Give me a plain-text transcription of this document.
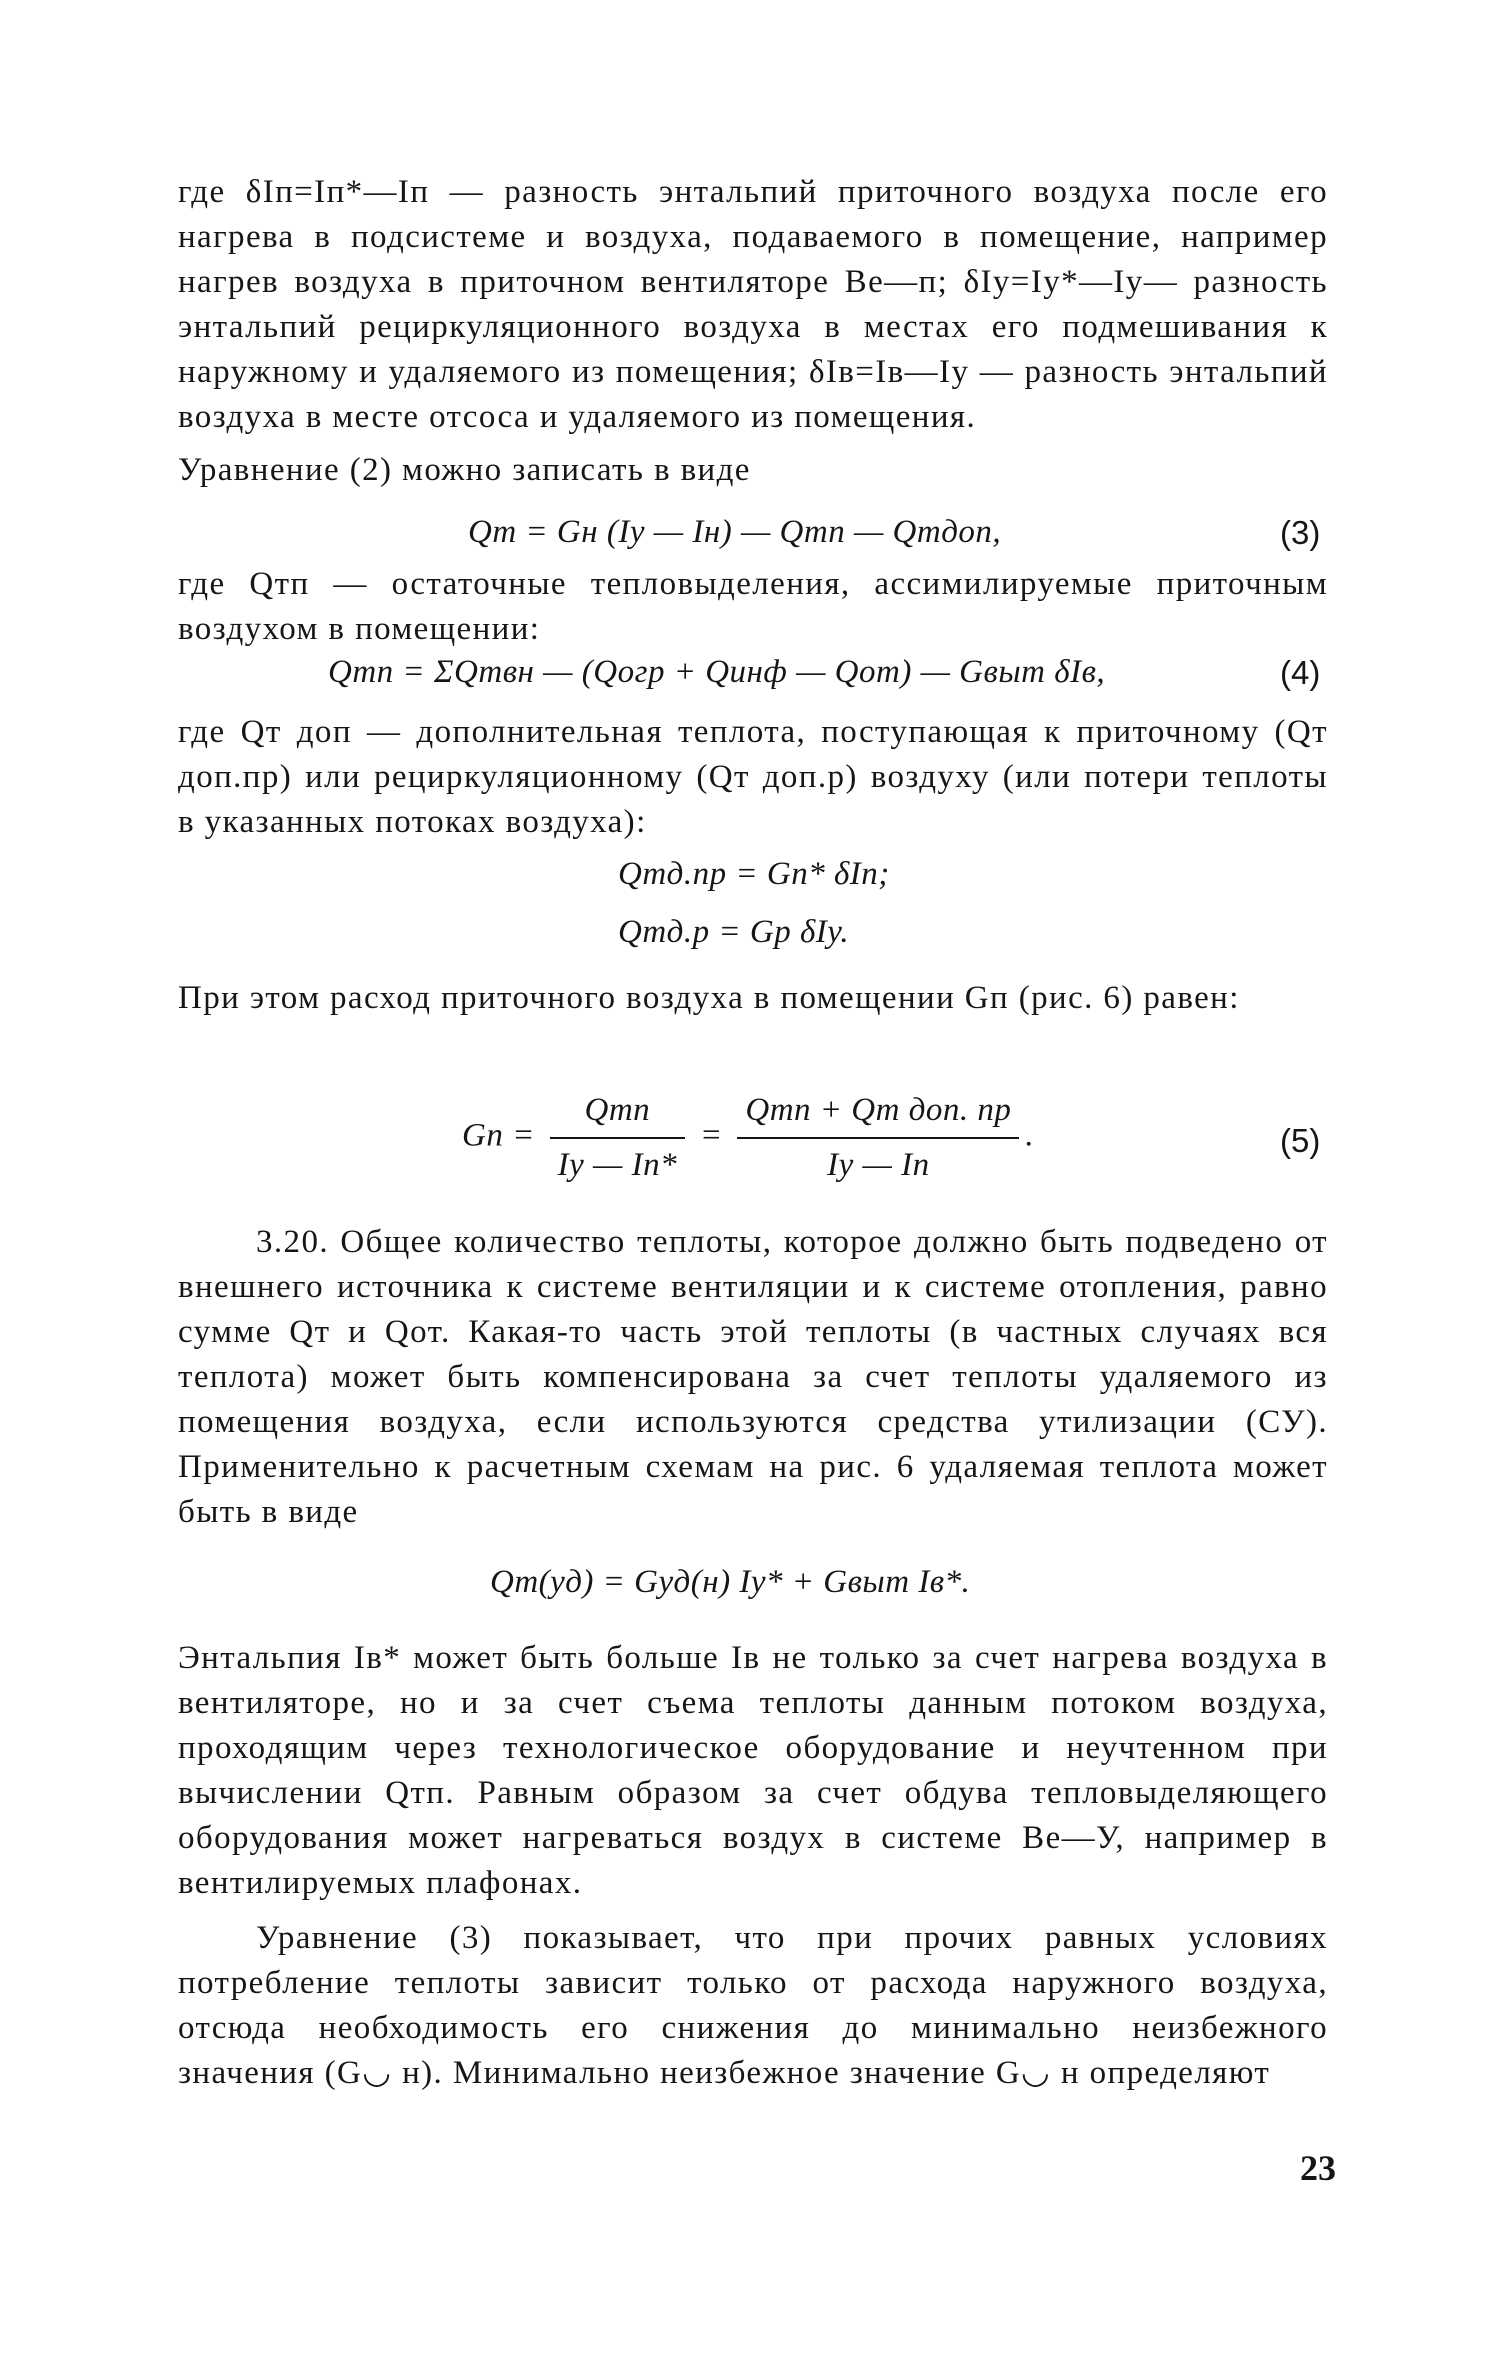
где δIп=Iп*—Iп — разность энтальпий приточного воздуха после его нагрева в подсистеме и воздуха, подаваемого в помещение, например нагрев воздуха в приточном вентиляторе Ве—п; δIу=Iу*—Iу— разность энтальпий рециркуляционного воздуха в местах его подмешивания к наружному и удаляемого из помещения; δIв=Iв—Iу — разность энтальпий воздуха в месте отсоса и удаляемого из помещения.

Уравнение (2) можно записать в виде

Qт = Gн (Iу — Iн) — Qтп — Qтдоп,	(3)

где Qтп — остаточные тепловыделения, ассимилируемые приточным воздухом в помещении:

Qтп = ΣQтвн — (Qогр + Qинф — Qот) — Gвыт δIв,	(4)

где Qт доп — дополнительная теплота, поступающая к приточному (Qт доп.пр) или рециркуляционному (Qт доп.р) воздуху (или потери теплоты в указанных потоках воздуха):

Qтд.пр = Gп* δIп;
Qтд.р = Gр δIу.

При этом расход приточного воздуха в помещении Gп (рис. 6) равен:

Gп = $\frac{\text{Qтп}}{Iу — Iп*} = \frac{\text{Qтп + Qт доп. пр}}{Iу — Iп}$ .	(5)

3.20. Общее количество теплоты, которое должно быть подведено от внешнего источника к системе вентиляции и к системе отопления, равно сумме Qт и Qот. Какая-то часть этой теплоты (в частных случаях вся теплота) может быть компенсирована за счет теплоты удаляемого из помещения воздуха, если используются средства утилизации (СУ). Применительно к расчетным схемам на рис. 6 удаляемая теплота может быть в виде

Qт(уд) = Gуд(н) Iу* + Gвыт Iв*.

Энтальпия Iв* может быть больше Iв не только за счет нагрева воздуха в вентиляторе, но и за счет съема теплоты данным потоком воздуха, проходящим через технологическое оборудование и неучтенном при вычислении Qтп. Равным образом за счет обдува тепловыделяющего оборудования может нагреваться воздух в системе Ве—У, например в вентилируемых плафонах.

Уравнение (3) показывает, что при прочих равных условиях потребление теплоты зависит только от расхода наружного воздуха, отсюда необходимость его снижения до минимально неизбежного значения (G◡ н). Минимально неизбежное значение G◡ н определяют

23
